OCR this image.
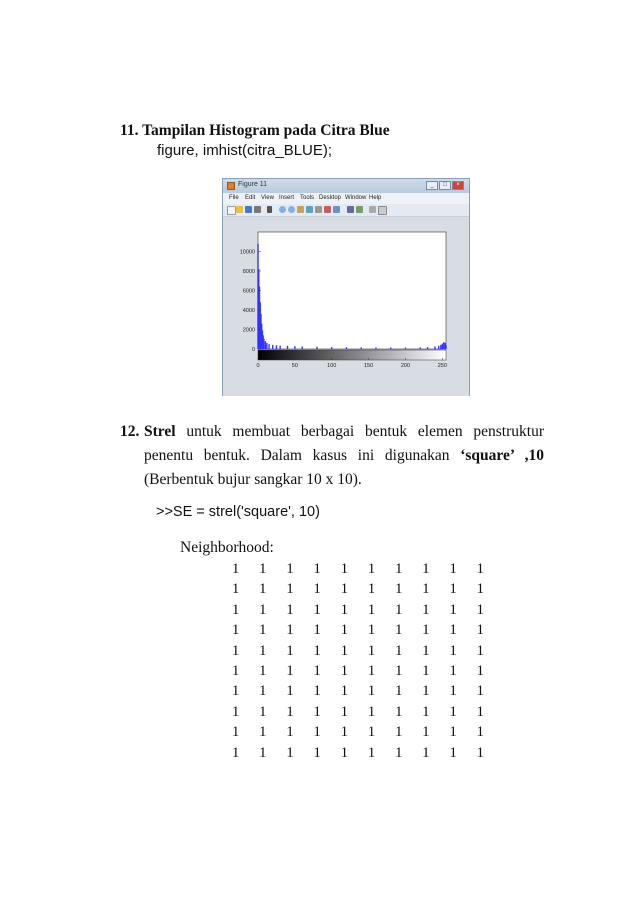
11. Tampilan Histogram pada Citra Blue
figure, imhist(citra_BLUE);
Figure 11	_	□	×
File Edit View Insert Tools Desktop Window Help
0
2000
4000
6000
8000
10000
0	50	100	150	200	250
12. Strel untuk membuat berbagai bentuk elemen penstruktur penentu bentuk. Dalam kasus ini digunakan ‘square’ ,10 (Berbentuk bujur sangkar 10 x 10).
>>SE = strel('square', 10)
Neighborhood:
1	1	1	1	1	1	1	1	1	1
1	1	1	1	1	1	1	1	1	1
1	1	1	1	1	1	1	1	1	1
1	1	1	1	1	1	1	1	1	1
1	1	1	1	1	1	1	1	1	1
1	1	1	1	1	1	1	1	1	1
1	1	1	1	1	1	1	1	1	1
1	1	1	1	1	1	1	1	1	1
1	1	1	1	1	1	1	1	1	1
1	1	1	1	1	1	1	1	1	1
